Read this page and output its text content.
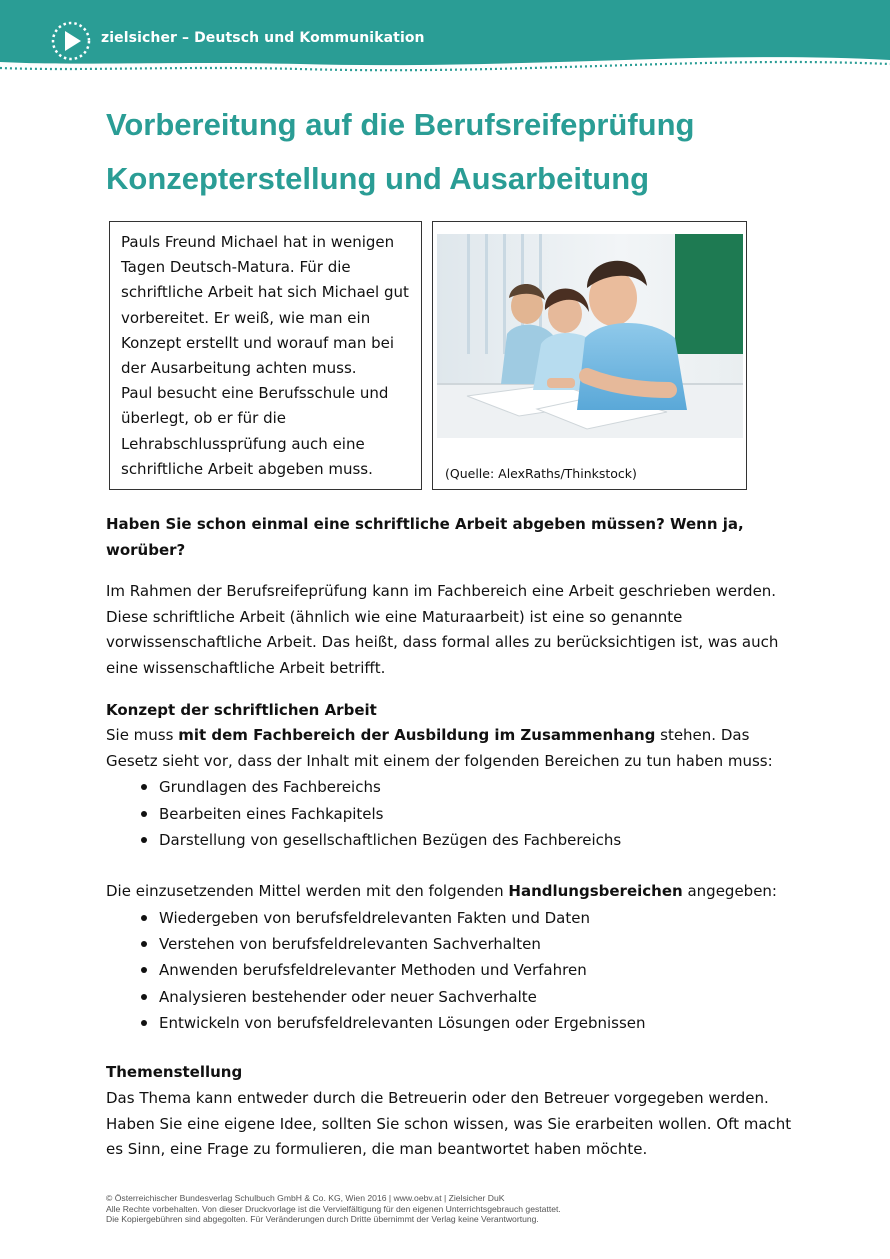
zielsicher – Deutsch und Kommunikation
Vorbereitung auf die Berufsreifeprüfung
Konzepterstellung und Ausarbeitung

Pauls Freund Michael hat in wenigen Tagen Deutsch-Matura. Für die schriftliche Arbeit hat sich Michael gut vorbereitet. Er weiß, wie man ein Konzept erstellt und worauf man bei der Ausarbeitung achten muss.

Paul besucht eine Berufsschule und überlegt, ob er für die Lehrabschlussprüfung auch eine schriftliche Arbeit abgeben muss.	(Quelle: AlexRaths/Thinkstock)

Haben Sie schon einmal eine schriftliche Arbeit abgeben müssen? Wenn ja, worüber?

Im Rahmen der Berufsreifeprüfung kann im Fachbereich eine Arbeit geschrieben werden. Diese schriftliche Arbeit (ähnlich wie eine Maturaarbeit) ist eine so genannte vorwissenschaftliche Arbeit. Das heißt, dass formal alles zu berücksichtigen ist, was auch eine wissenschaftliche Arbeit betrifft.

Konzept der schriftlichen Arbeit

Sie muss mit dem Fachbereich der Ausbildung im Zusammenhang stehen. Das Gesetz sieht vor, dass der Inhalt mit einem der folgenden Bereichen zu tun haben muss:

Grundlagen des Fachbereichs
Bearbeiten eines Fachkapitels
Darstellung von gesellschaftlichen Bezügen des Fachbereichs

Die einzusetzenden Mittel werden mit den folgenden Handlungsbereichen angegeben:

Wiedergeben von berufsfeldrelevanten Fakten und Daten
Verstehen von berufsfeldrelevanten Sachverhalten
Anwenden berufsfeldrelevanter Methoden und Verfahren
Analysieren bestehender oder neuer Sachverhalte
Entwickeln von berufsfeldrelevanten Lösungen oder Ergebnissen

Themenstellung

Das Thema kann entweder durch die Betreuerin oder den Betreuer vorgegeben werden. Haben Sie eine eigene Idee, sollten Sie schon wissen, was Sie erarbeiten wollen. Oft macht es Sinn, eine Frage zu formulieren, die man beantwortet haben möchte.

© Österreichischer Bundesverlag Schulbuch GmbH & Co. KG, Wien 2016 | www.oebv.at | Zielsicher DuK
Alle Rechte vorbehalten. Von dieser Druckvorlage ist die Vervielfältigung für den eigenen Unterrichtsgebrauch gestattet.
Die Kopiergebühren sind abgegolten. Für Veränderungen durch Dritte übernimmt der Verlag keine Verantwortung.
